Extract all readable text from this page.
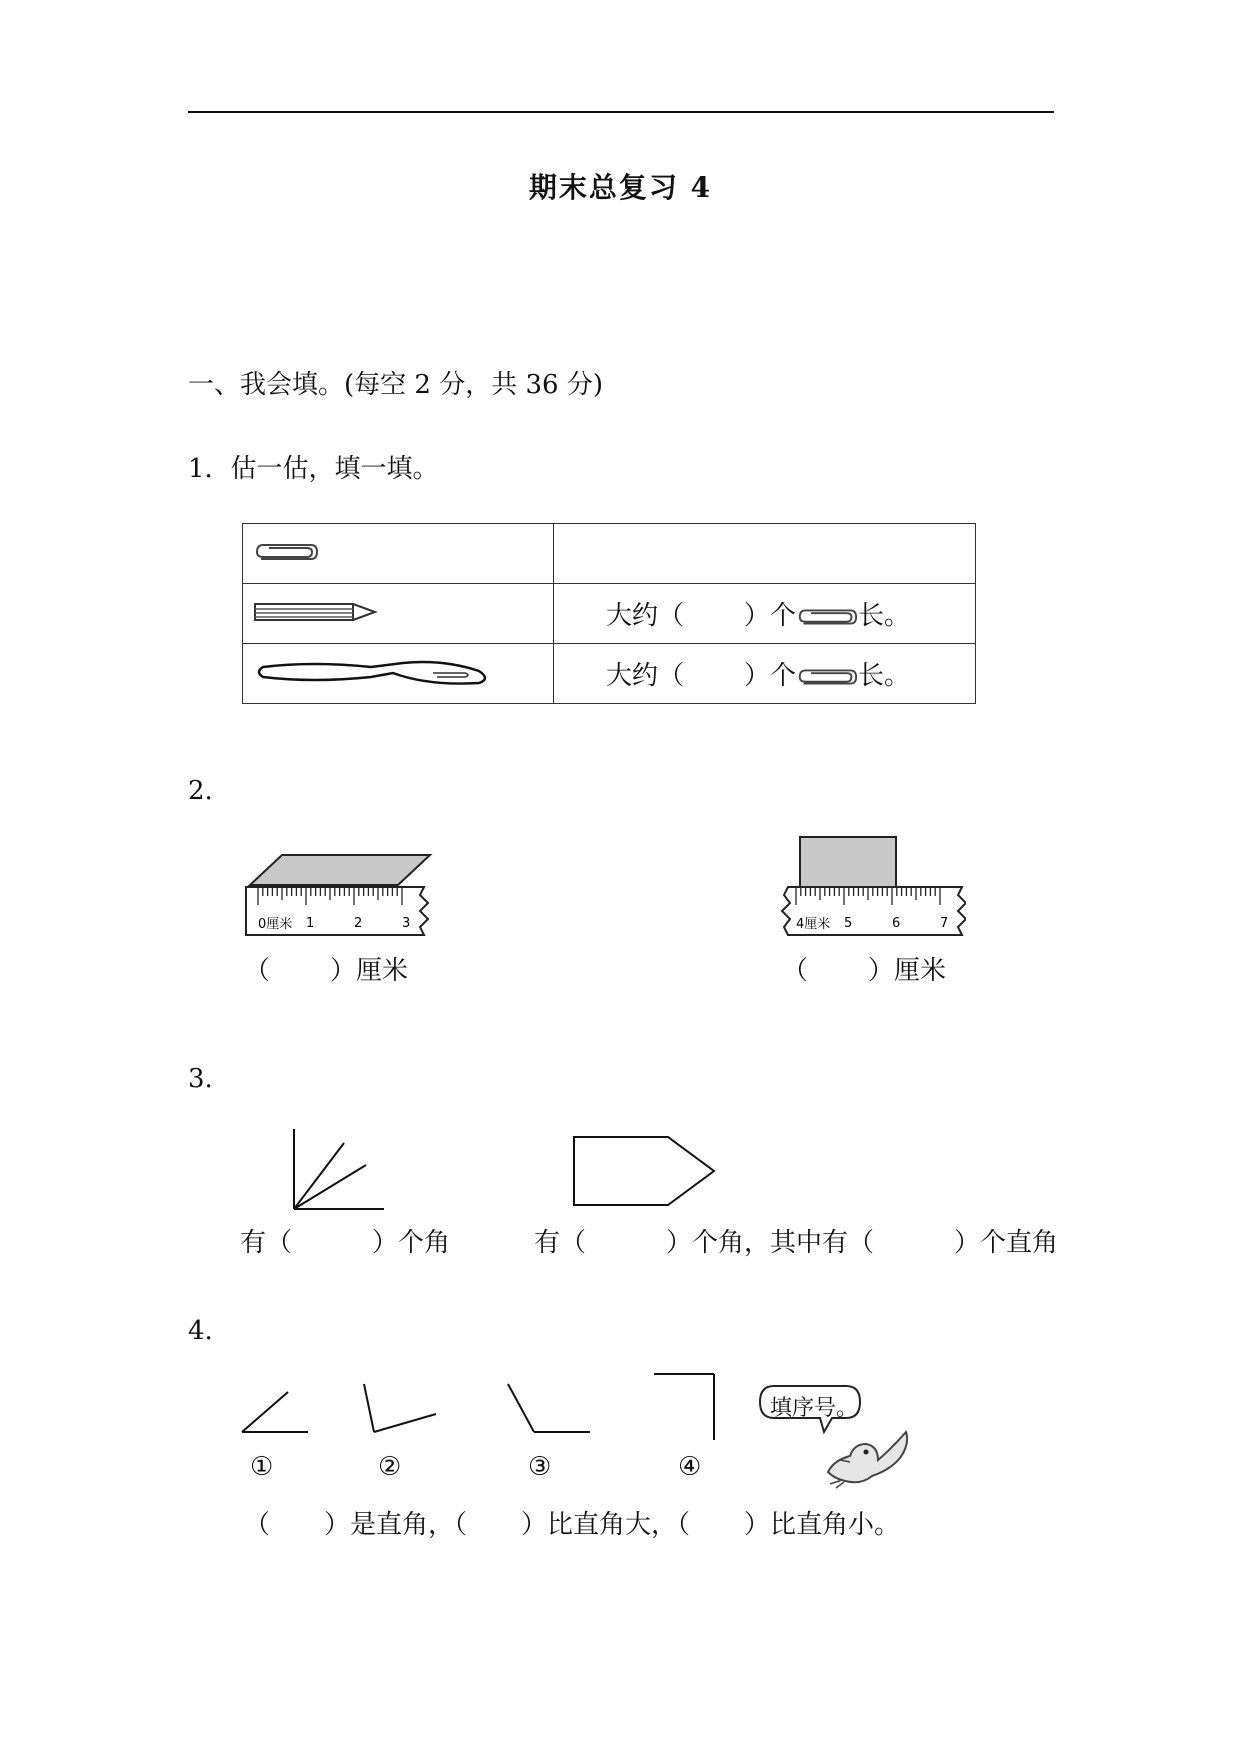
期末总复习 4
一、我会填。(每空 2 分，共 36 分)
1．估一估，填一填。

	大约（ ）个 长。
	大约（ ）个 长。
2.
0厘米 1	2	3	4厘米 5	6	7
（ ）厘米	（ ）厘米
3.
有（	）个角	有（	）个角，其中有（	）个直角
4.
①	②	③	④
填序号。
（ ）是直角，（ ）比直角大，（ ）比直角小。
